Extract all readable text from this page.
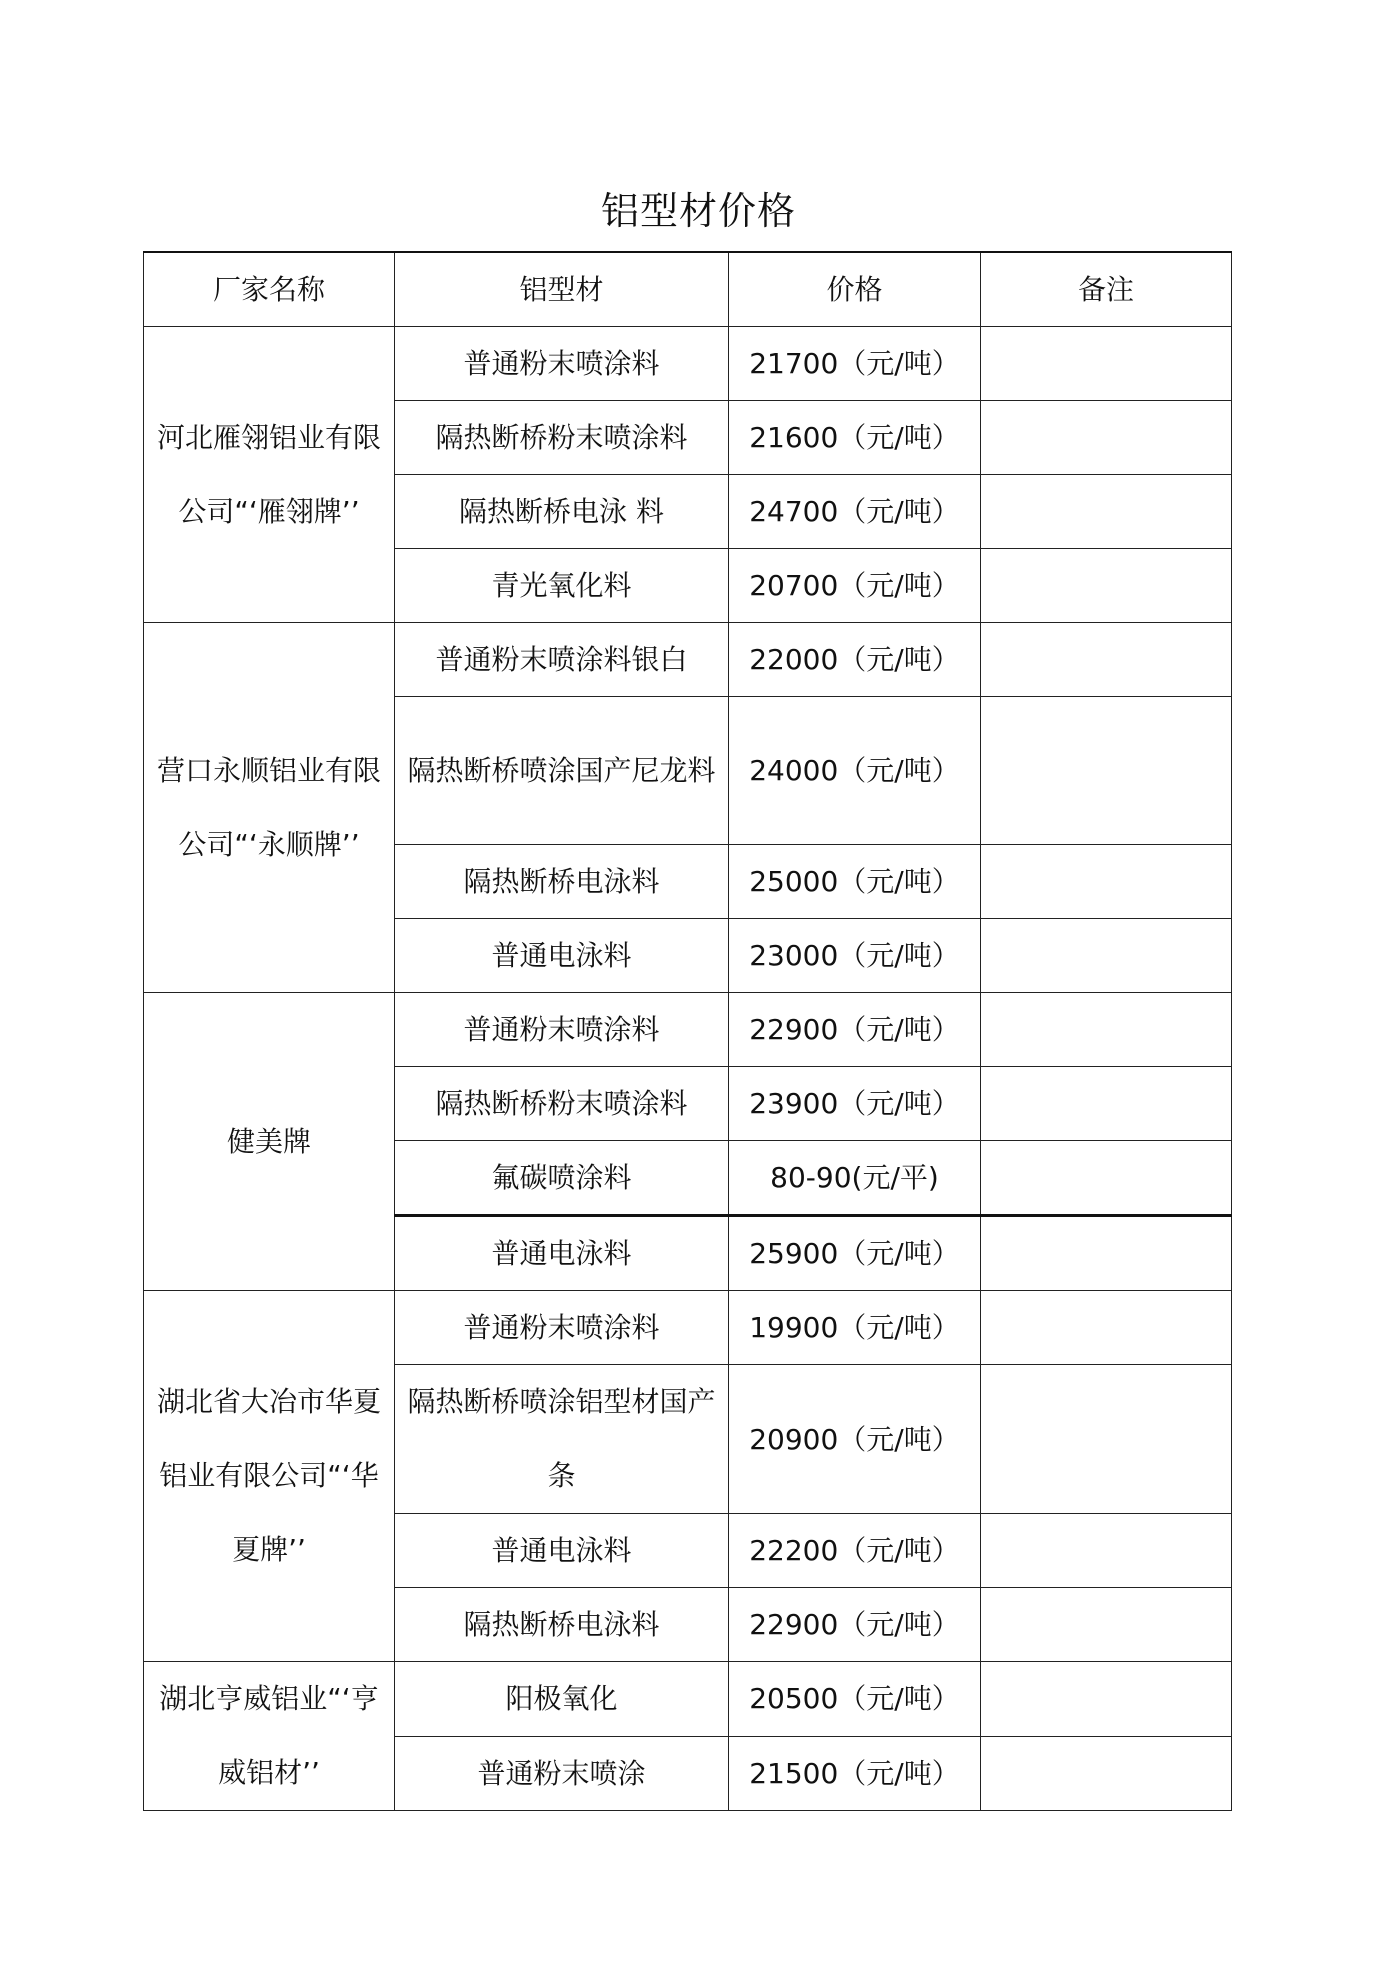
铝型材价格
厂家名称	铝型材	价格	备注

河北雁翎铝业有限公司“‘雁翎牌’’	普通粉末喷涂料	21700（元/吨）	
	隔热断桥粉末喷涂料	21600（元/吨）	
	隔热断桥电泳 料	24700（元/吨）	
	青光氧化料	20700（元/吨）	

营口永顺铝业有限公司“‘永顺牌’’	普通粉末喷涂料银白	22000（元/吨）	

	隔热断桥喷涂国产尼龙料	24000（元/吨）	
	隔热断桥电泳料	25000（元/吨）	
	普通电泳料	23000（元/吨）	

健美牌	普通粉末喷涂料	22900（元/吨）	
	隔热断桥粉末喷涂料	23900（元/吨）	
	氟碳喷涂料	80-90(元/平)	
	普通电泳料	25900（元/吨）	

湖北省大冶市华夏铝业有限公司“‘华夏牌’’	普通粉末喷涂料	19900（元/吨）	

	隔热断桥喷涂铝型材国产条	20900（元/吨）	
	普通电泳料	22200（元/吨）	
	隔热断桥电泳料	22900（元/吨）	

湖北亨威铝业“‘亨威铝材’’	阳极氧化	20500（元/吨）	
	普通粉末喷涂	21500（元/吨）	
